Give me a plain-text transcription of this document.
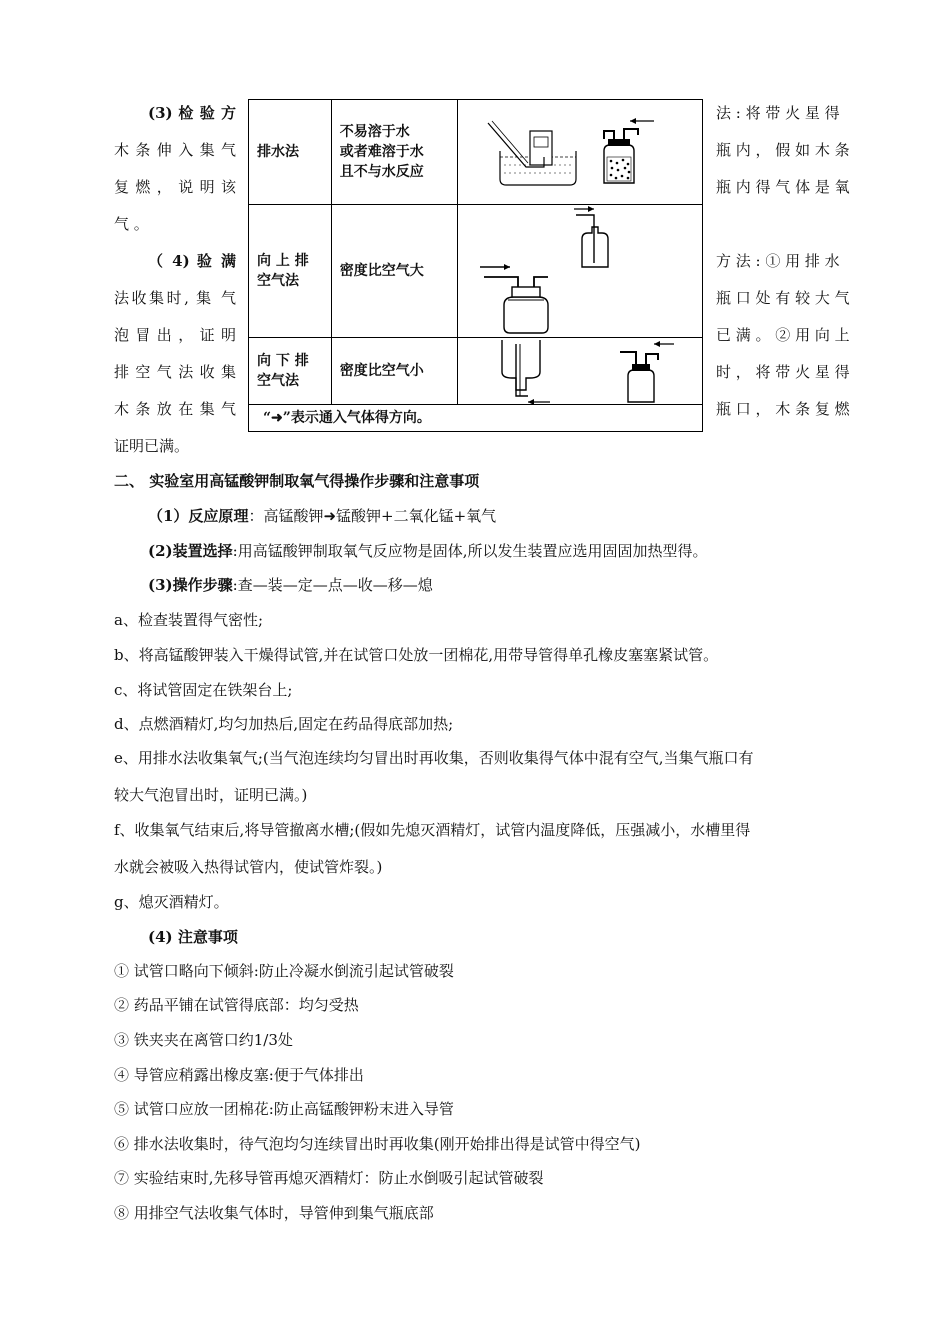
(3) 检 验 方
木 条 伸 入 集 气
复 燃 ， 说 明 该
气 。
（ 4) 验 满
法收集时, 集 气
泡 冒 出 ， 证 明
排 空 气 法 收 集
木 条 放 在 集 气
证明已满。
法 : 将 带 火 星 得
瓶 内 ， 假 如 木 条
瓶 内 得 气 体 是 氧
方 法 : ① 用 排 水
瓶 口 处 有 较 大 气
已 满 。 ② 用 向 上
时 ， 将 带 火 星 得
瓶 口 ， 木 条 复 燃
排水法	不易溶于水
或者难溶于水
且不与水反应

向 上 排
空气法	密度比空气大	

向 下 排
空气法	密度比空气小	

“➜”表示通入气体得方向。		
二、 实验室用高锰酸钾制取氧气得操作步骤和注意事项
（1）反应原理：高锰酸钾➜锰酸钾+二氧化锰+氧气
(2)装置选择:用高锰酸钾制取氧气反应物是固体,所以发生装置应选用固固加热型得。
(3)操作步骤:查—装—定—点—收—移—熄
a、检查装置得气密性;
b、将高锰酸钾装入干燥得试管,并在试管口处放一团棉花,用带导管得单孔橡皮塞塞紧试管。
c、将试管固定在铁架台上;
d、点燃酒精灯,均匀加热后,固定在药品得底部加热;
e、用排水法收集氧气;(当气泡连续均匀冒出时再收集，否则收集得气体中混有空气,当集气瓶口有
较大气泡冒出时，证明已满。)
f、收集氧气结束后,将导管撤离水槽;(假如先熄灭酒精灯，试管内温度降低，压强减小，水槽里得
水就会被吸入热得试管内，使试管炸裂。)
g、熄灭酒精灯。
(4) 注意事项
① 试管口略向下倾斜:防止冷凝水倒流引起试管破裂
② 药品平铺在试管得底部：均匀受热
③ 铁夹夹在离管口约1/3处
④ 导管应稍露出橡皮塞:便于气体排出
⑤ 试管口应放一团棉花:防止高锰酸钾粉末进入导管
⑥ 排水法收集时，待气泡均匀连续冒出时再收集(刚开始排出得是试管中得空气)
⑦ 实验结束时,先移导管再熄灭酒精灯：防止水倒吸引起试管破裂
⑧ 用排空气法收集气体时，导管伸到集气瓶底部
